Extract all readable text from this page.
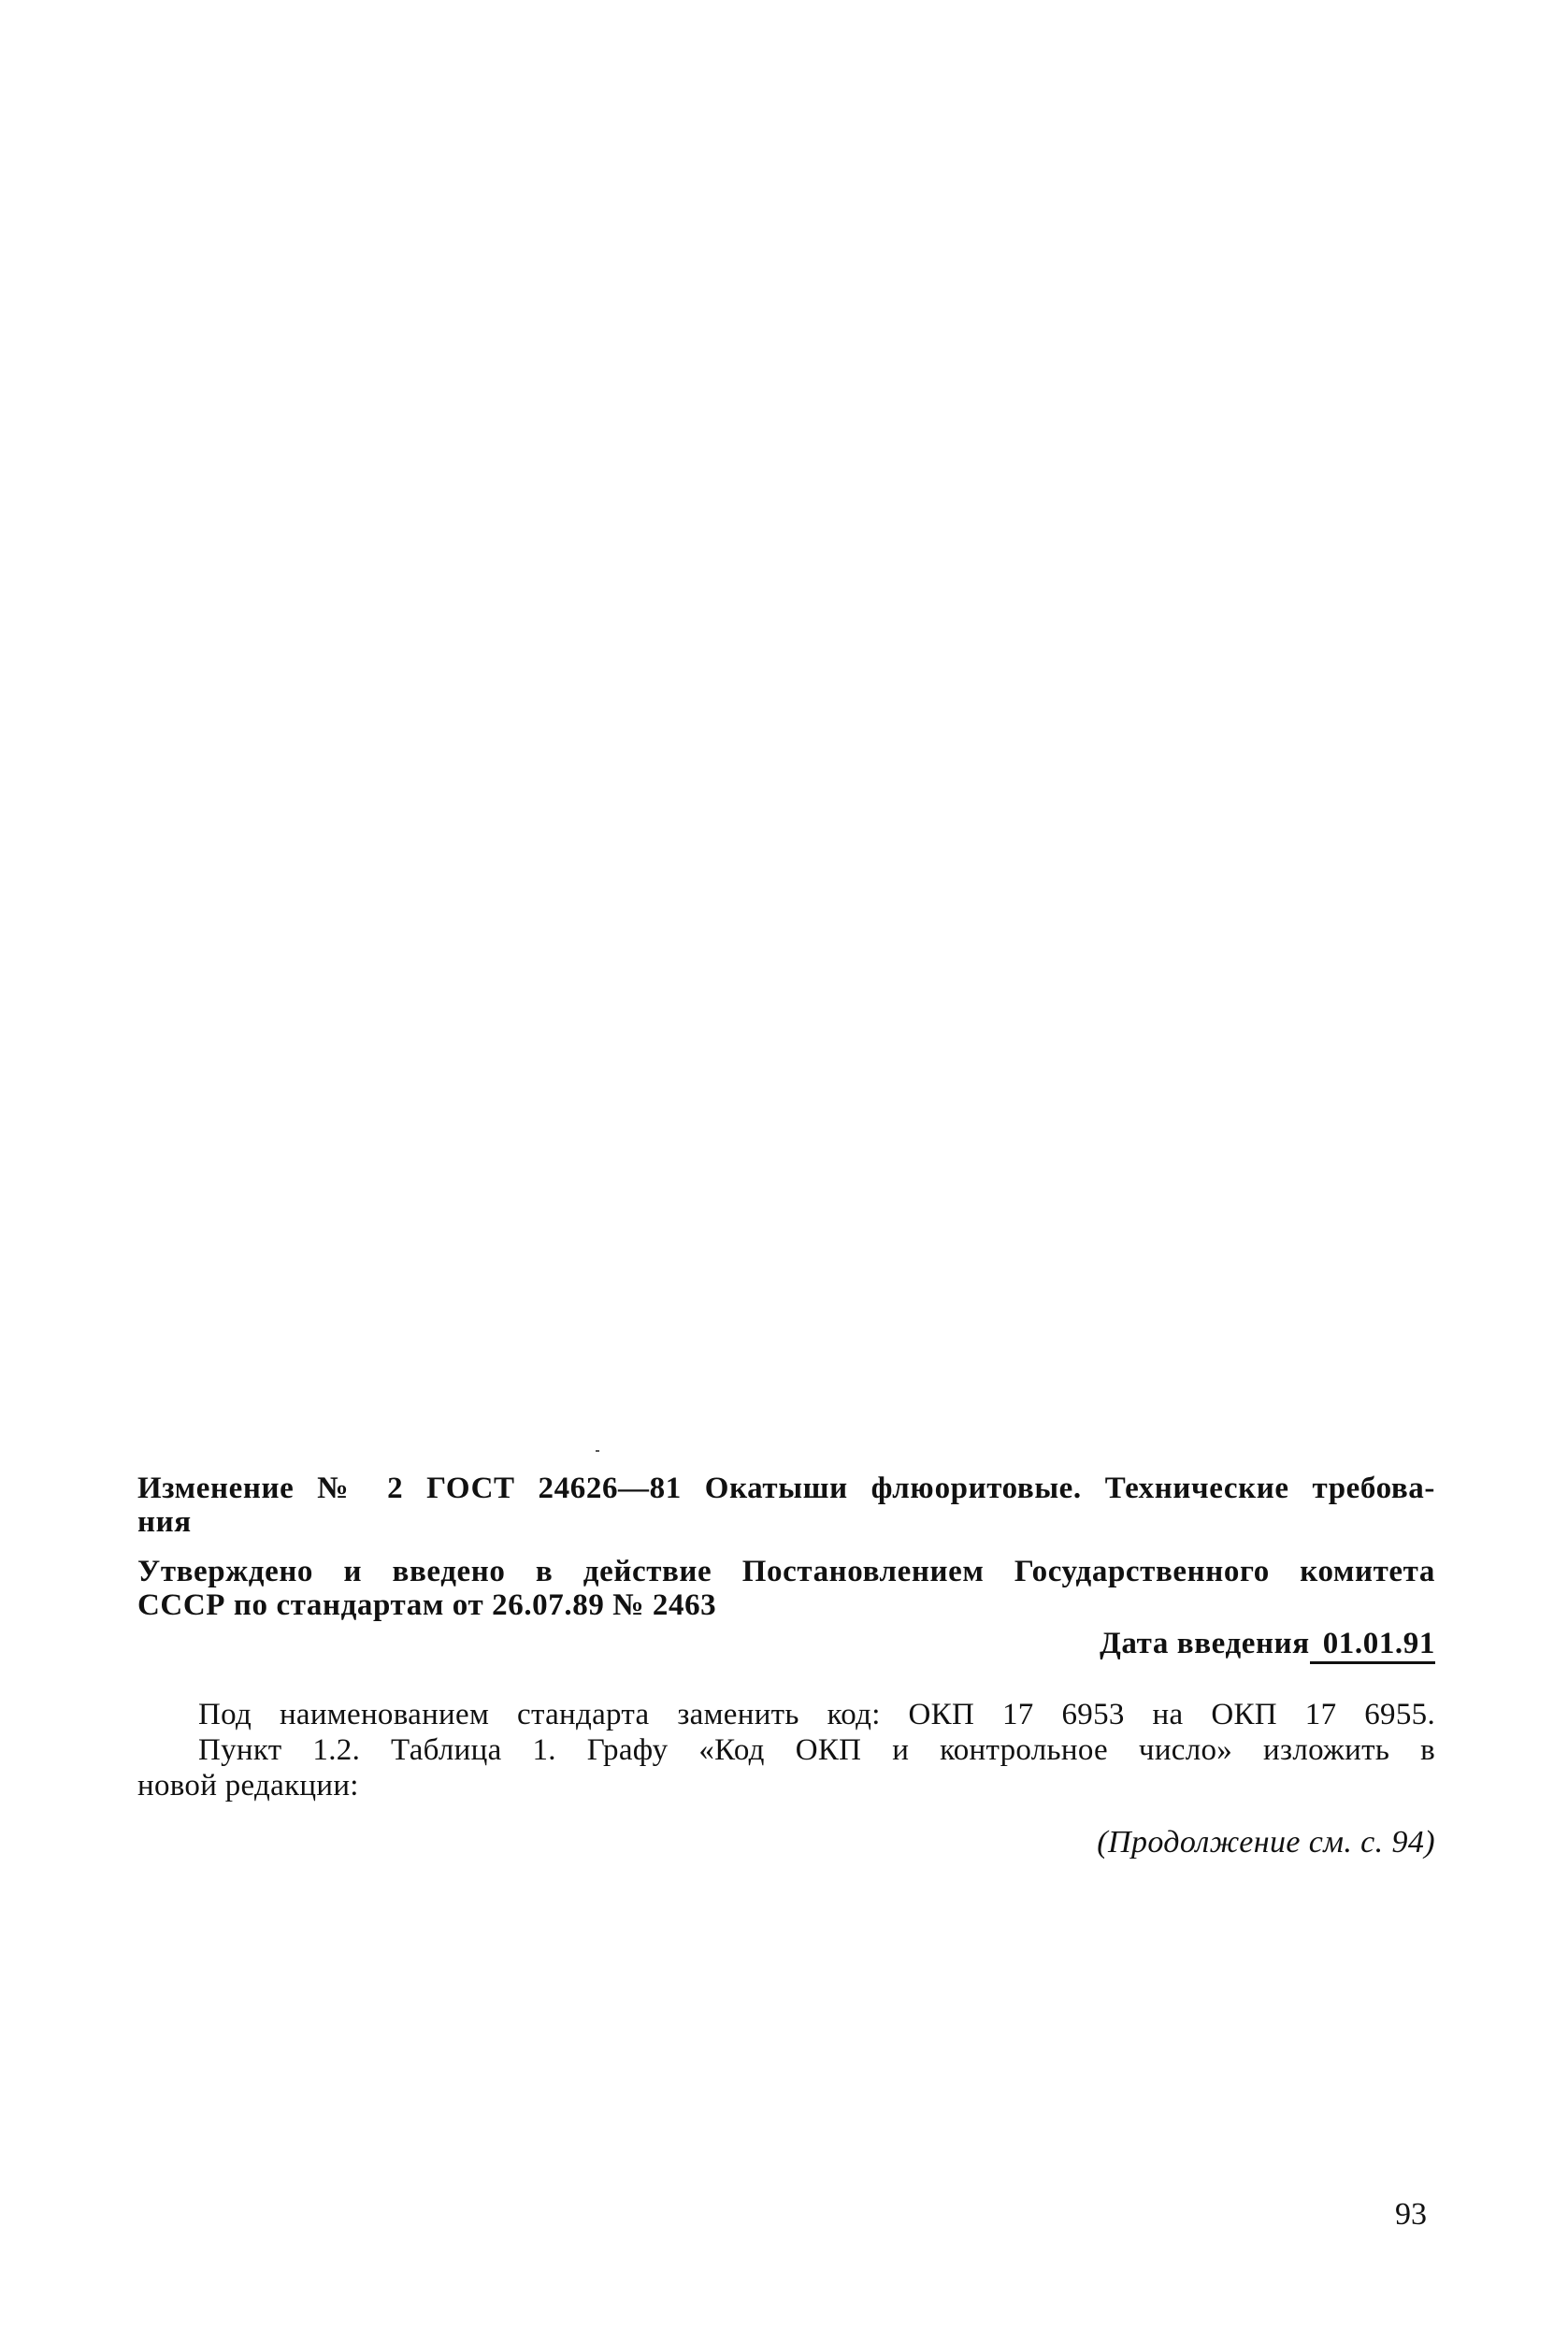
Изменение № 2 ГОСТ 24626—81 Окатыши флюоритовые. Технические требова-
ния
Утверждено и введено в действие Постановлением Государственного комитета
СССР по стандартам от 26.07.89 № 2463
Дата введения 01.01.91
Под наименованием стандарта заменить код: ОКП 17 6953 на ОКП 17 6955.
Пункт 1.2. Таблица 1. Графу «Код ОКП и контрольное число» изложить в
новой редакции:
(Продолжение см. с. 94)
93
